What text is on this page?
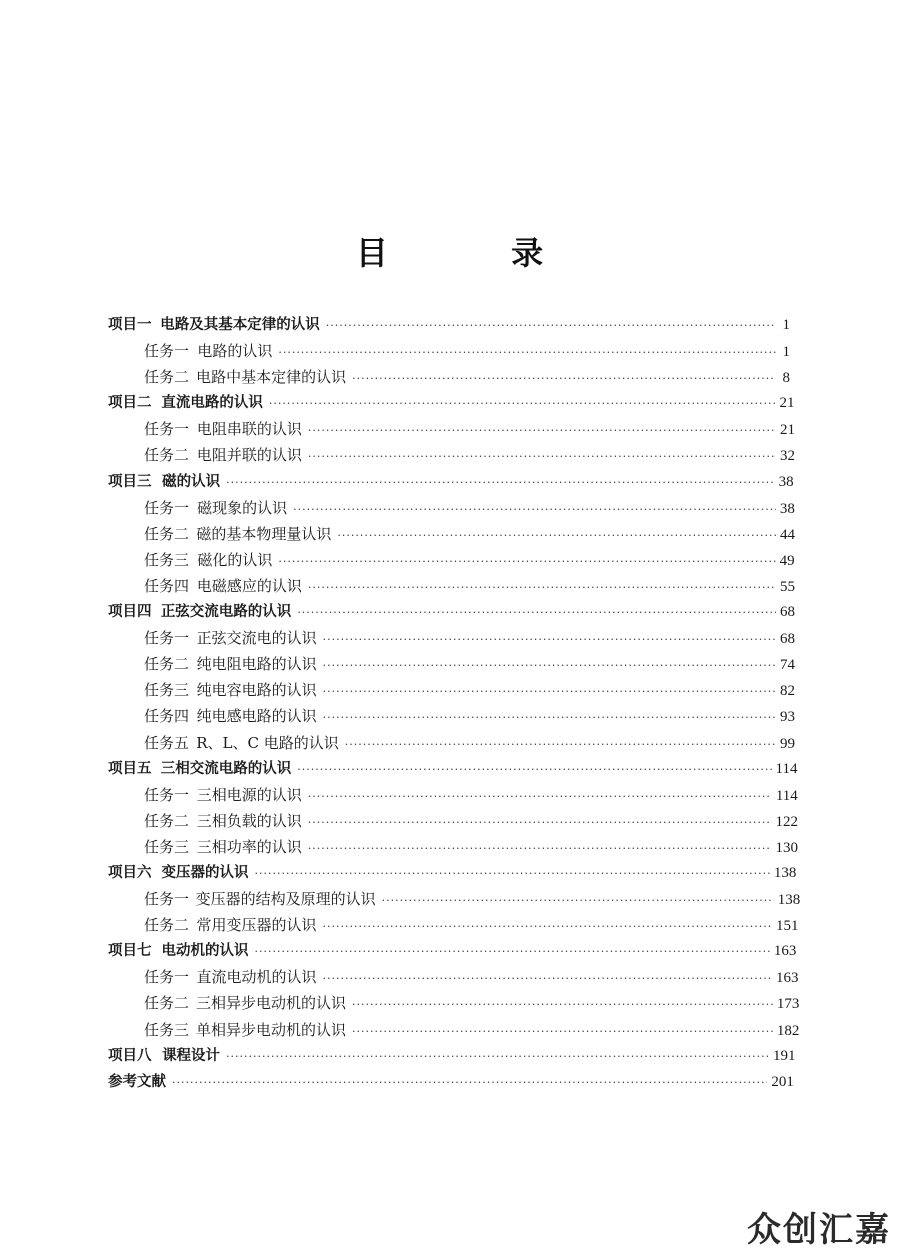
目 录
项目一 电路及其基本定律的认识 ·····	1
任务一 电路的认识 ·····	1
任务二 电路中基本定律的认识 ·····	8
项目二 直流电路的认识 ·····	21
任务一 电阻串联的认识 ·····	21
任务二 电阻并联的认识 ·····	32
项目三 磁的认识 ·····	38
任务一 磁现象的认识 ·····	38
任务二 磁的基本物理量认识 ·····	44
任务三 磁化的认识 ·····	49
任务四 电磁感应的认识 ·····	55
项目四 正弦交流电路的认识 ·····	68
任务一 正弦交流电的认识 ·····	68
任务二 纯电阻电路的认识 ·····	74
任务三 纯电容电路的认识 ·····	82
任务四 纯电感电路的认识 ·····	93
任务五 R、L、C 电路的认识 ·····	99
项目五 三相交流电路的认识 ·····	114
任务一 三相电源的认识 ·····	114
任务二 三相负载的认识 ·····	122
任务三 三相功率的认识 ·····	130
项目六 变压器的认识 ·····	138
任务一 变压器的结构及原理的认识 ·····	138
任务二 常用变压器的认识 ·····	151
项目七 电动机的认识 ·····	163
任务一 直流电动机的认识 ·····	163
任务二 三相异步电动机的认识 ·····	173
任务三 单相异步电动机的认识 ·····	182
项目八 课程设计 ·····	191
参考文献 ·····	201
众创汇嘉
